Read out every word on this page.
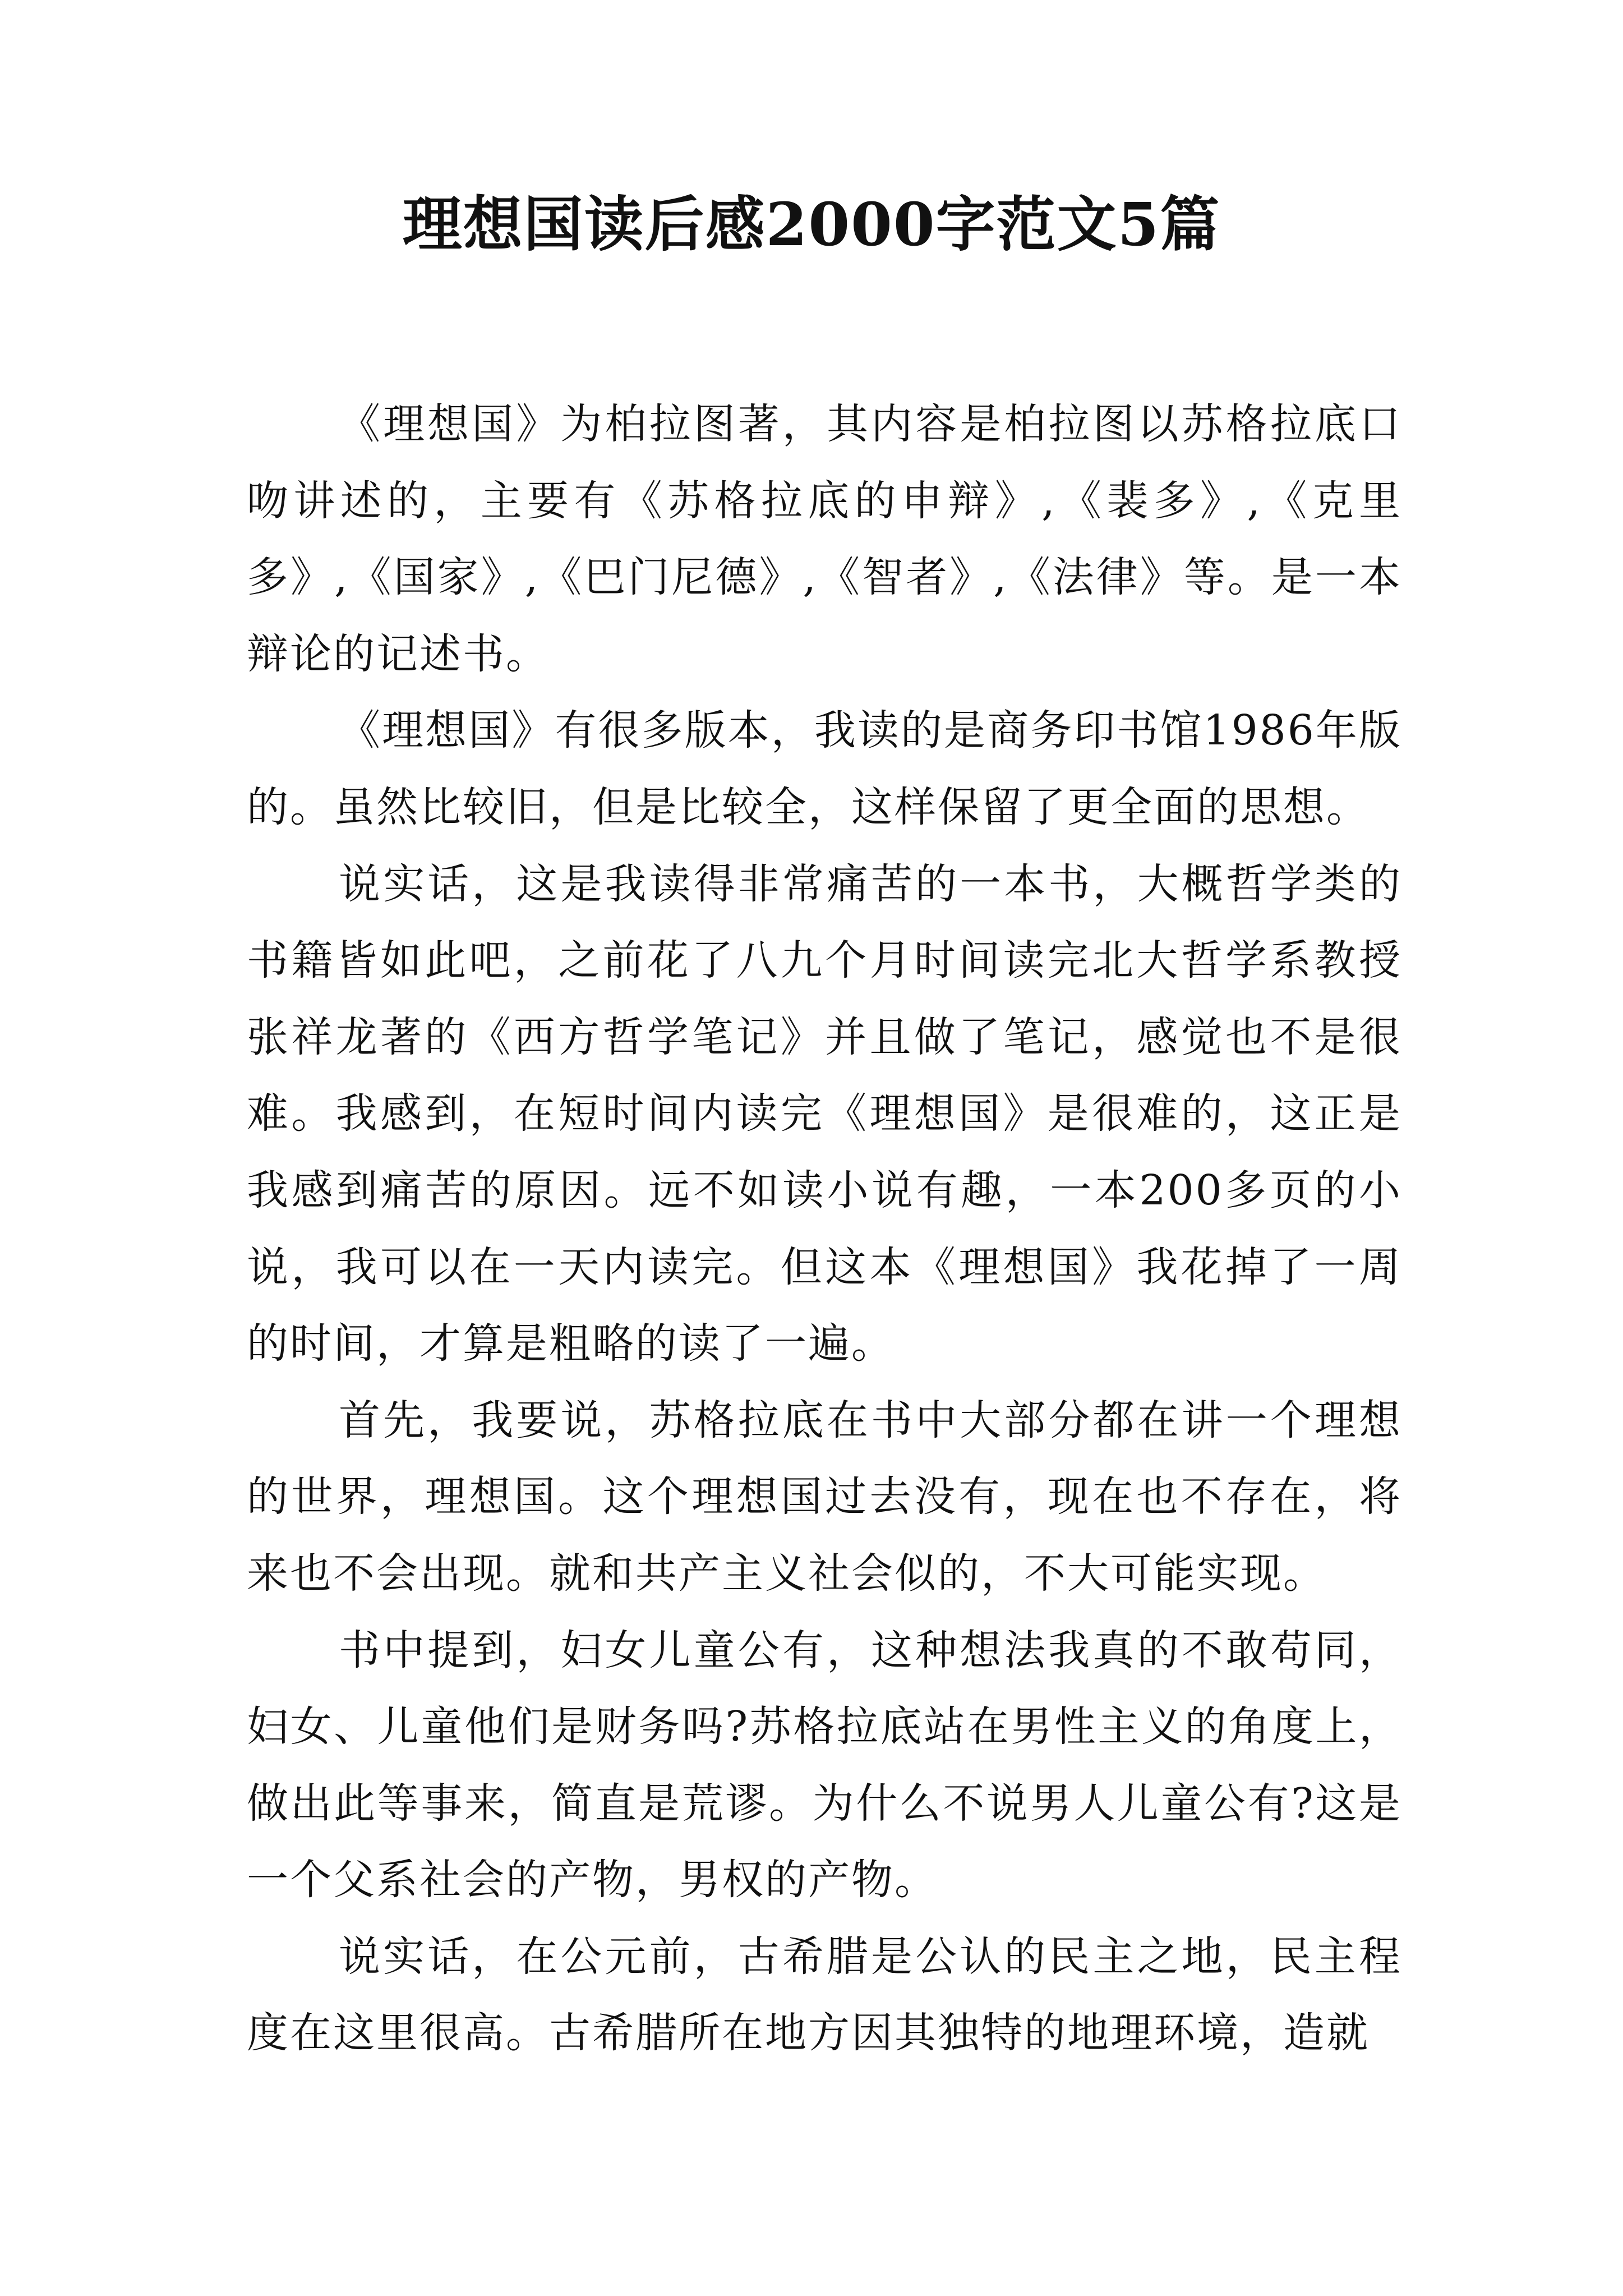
理想国读后感2000字范文5篇

《理想国》为柏拉图著，其内容是柏拉图以苏格拉底口吻讲述的，主要有《苏格拉底的申辩》,《裴多》,《克里多》,《国家》,《巴门尼德》,《智者》,《法律》等。是一本辩论的记述书。

《理想国》有很多版本，我读的是商务印书馆1986年版的。虽然比较旧，但是比较全，这样保留了更全面的思想。

说实话，这是我读得非常痛苦的一本书，大概哲学类的书籍皆如此吧，之前花了八九个月时间读完北大哲学系教授张祥龙著的《西方哲学笔记》并且做了笔记，感觉也不是很难。我感到，在短时间内读完《理想国》是很难的，这正是我感到痛苦的原因。远不如读小说有趣，一本200多页的小说，我可以在一天内读完。但这本《理想国》我花掉了一周的时间，才算是粗略的读了一遍。

首先，我要说，苏格拉底在书中大部分都在讲一个理想的世界，理想国。这个理想国过去没有，现在也不存在，将来也不会出现。就和共产主义社会似的，不大可能实现。

书中提到，妇女儿童公有，这种想法我真的不敢苟同，妇女、儿童他们是财务吗?苏格拉底站在男性主义的角度上，做出此等事来，简直是荒谬。为什么不说男人儿童公有?这是一个父系社会的产物，男权的产物。

说实话，在公元前，古希腊是公认的民主之地，民主程度在这里很高。古希腊所在地方因其独特的地理环境，造就
